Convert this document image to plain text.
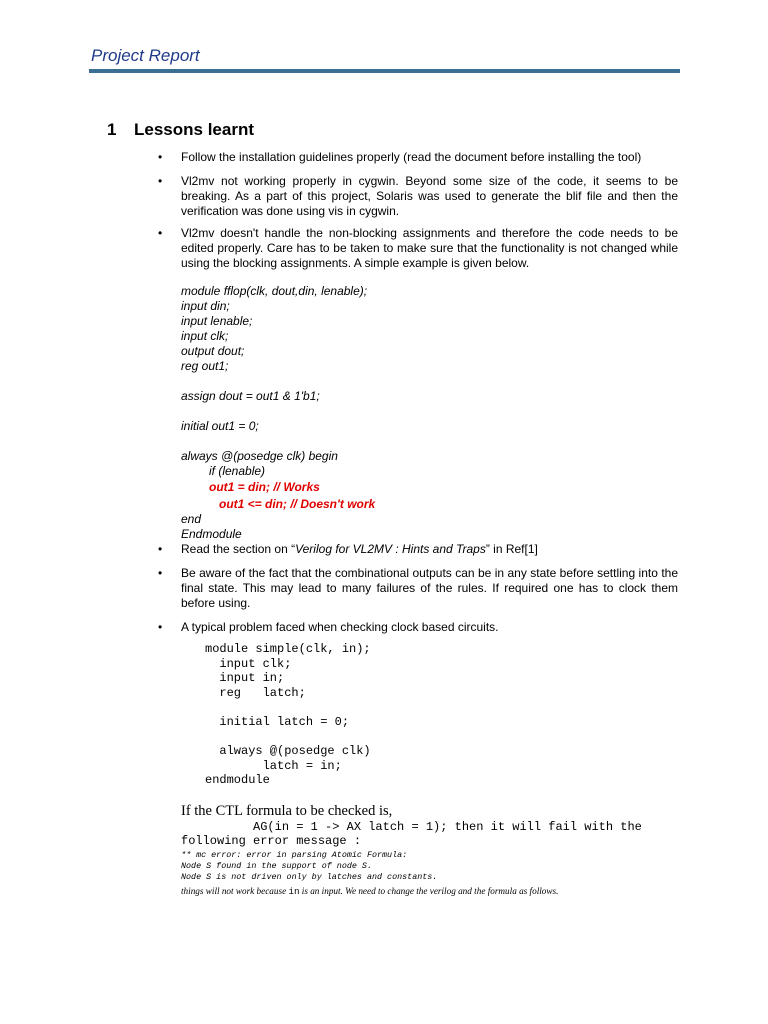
Project Report
1 Lessons learnt
• Follow the installation guidelines properly (read the document before installing the tool)
• Vl2mv not working properly in cygwin. Beyond some size of the code, it seems to be breaking. As a part of this project, Solaris was used to generate the blif file and then the verification was done using vis in cygwin.
• Vl2mv doesn't handle the non-blocking assignments and therefore the code needs to be edited properly. Care has to be taken to make sure that the functionality is not changed while using the blocking assignments. A simple example is given below.
module fflop(clk, dout,din, lenable);
input din;
input lenable;
input clk;
output dout;
reg out1;
assign dout = out1 & 1'b1;
initial out1 = 0;
always @(posedge clk) begin
if (lenable)
out1 = din; // Works
out1 <= din; // Doesn't work
end
Endmodule
• Read the section on “Verilog for VL2MV : Hints and Traps” in Ref[1]
• Be aware of the fact that the combinational outputs can be in any state before settling into the final state. This may lead to many failures of the rules. If required one has to clock them before using.
• A typical problem faced when checking clock based circuits.
module simple(clk, in);
input clk;
input in;
reg   latch;

initial latch = 0;

always @(posedge clk)
latch = in;
endmodule
If the CTL formula to be checked is,
AG(in = 1 -> AX latch = 1); then it will fail with the
following error message :
** mc error: error in parsing Atomic Formula:
Node S found in the support of node S.
Node S is not driven only by latches and constants.
things will not work because in is an input. We need to change the verilog and the formula as follows.
